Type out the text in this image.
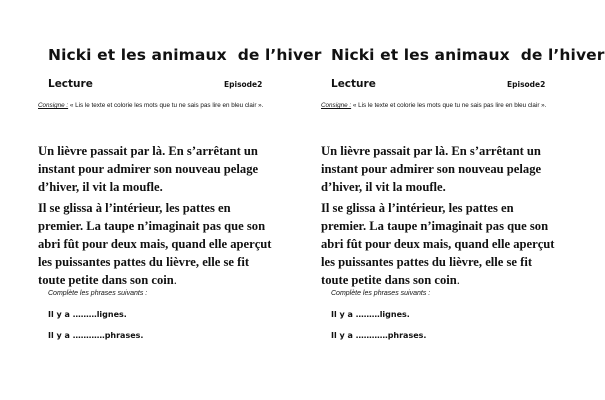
Nicki et les animaux  de l’hiver
Lecture	Episode2
Consigne : « Lis le texte et colorie les mots que tu ne sais pas lire en bleu clair ».

Un lièvre passait par là. En s’arrêtant un instant pour admirer son nouveau pelage d’hiver, il vit la moufle.

Il se glissa à l’intérieur, les pattes en premier. La taupe n’imaginait pas que son abri fût pour deux mais, quand elle aperçut les puissantes pattes du lièvre, elle se fit toute petite dans son coin.

Complète les phrases suivants :
Il y a ………lignes.
Il y a …………phrases.
Nicki et les animaux  de l’hiver
Lecture	Episode2
Consigne : « Lis le texte et colorie les mots que tu ne sais pas lire en bleu clair ».

Un lièvre passait par là. En s’arrêtant un instant pour admirer son nouveau pelage d’hiver, il vit la moufle.

Il se glissa à l’intérieur, les pattes en premier. La taupe n’imaginait pas que son abri fût pour deux mais, quand elle aperçut les puissantes pattes du lièvre, elle se fit toute petite dans son coin.

Complète les phrases suivants :
Il y a ………lignes.
Il y a …………phrases.
